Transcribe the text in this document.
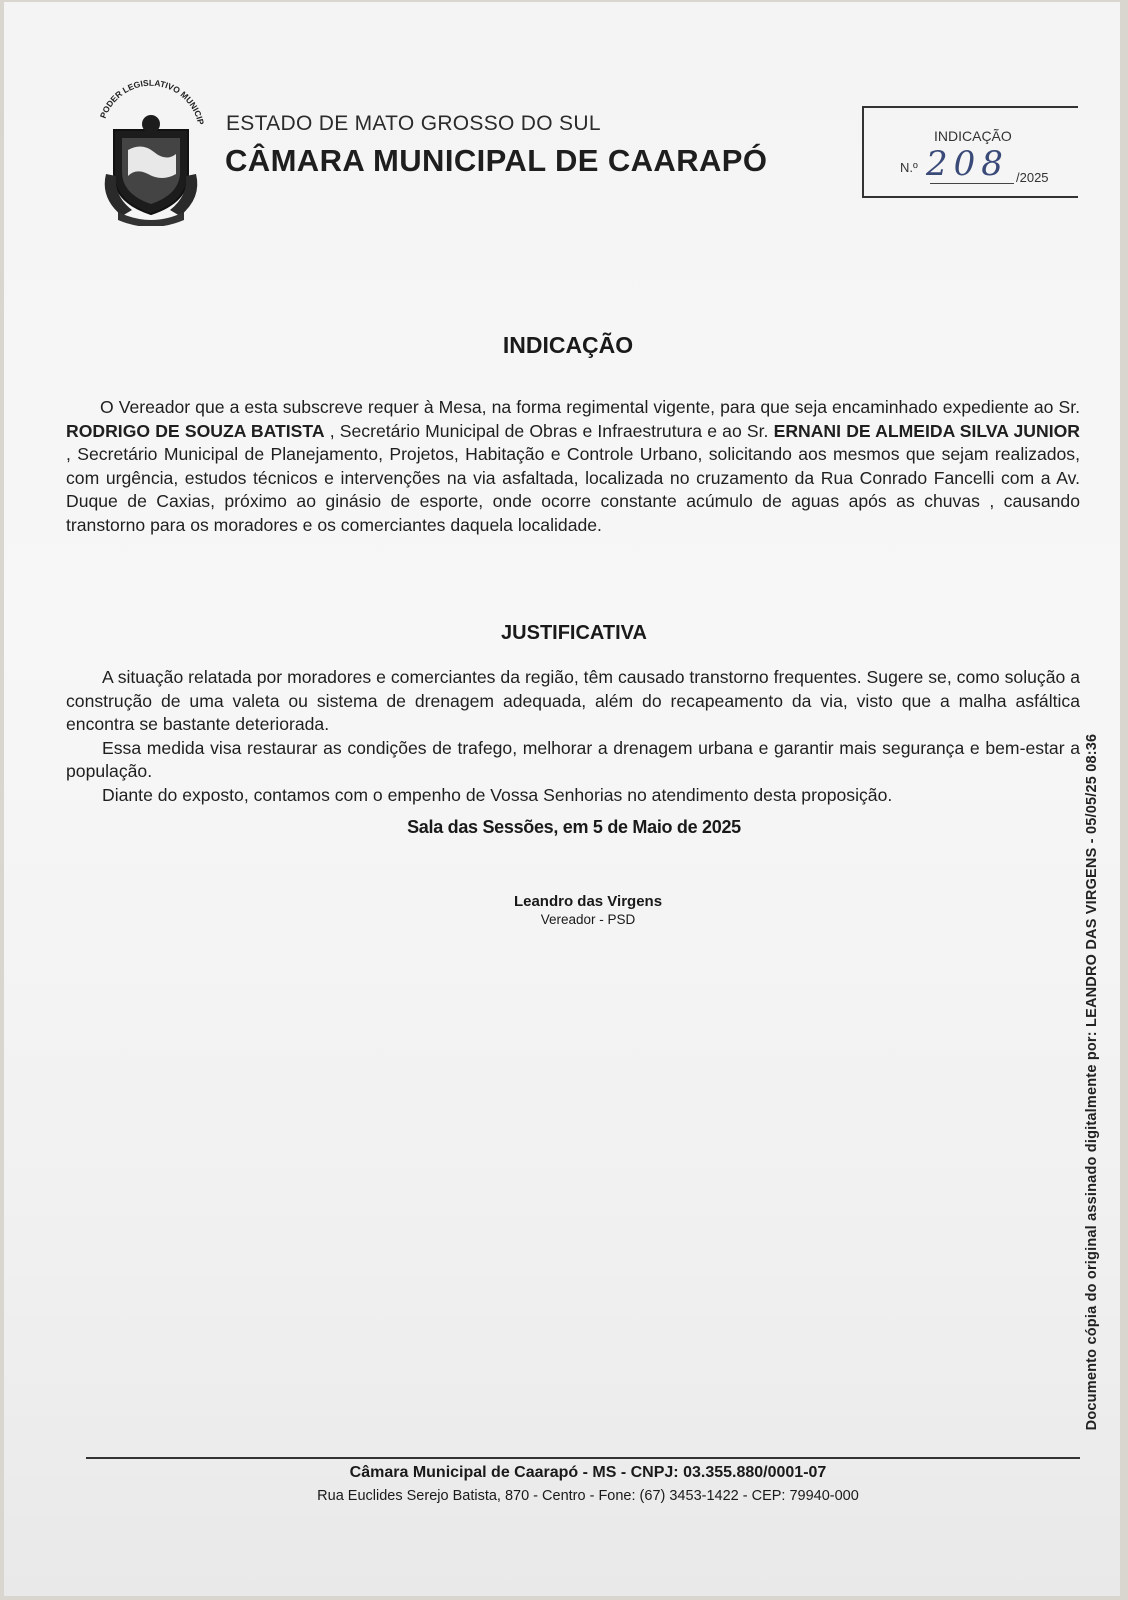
PODER LEGISLATIVO MUNICIP ESTADO DE MATO GROSSO DO SUL
CÂMARA MUNICIPAL DE CAARAPÓ
INDICAÇÃO
N.º 208 /2025
INDICAÇÃO
O Vereador que a esta subscreve requer à Mesa, na forma regimental vigente, para que seja encaminhado expediente ao Sr. RODRIGO DE SOUZA BATISTA , Secretário Municipal de Obras e Infraestrutura e ao Sr. ERNANI DE ALMEIDA SILVA JUNIOR , Secretário Municipal de Planejamento, Projetos, Habitação e Controle Urbano, solicitando aos mesmos que sejam realizados, com urgência, estudos técnicos e intervenções na via asfaltada, localizada no cruzamento da Rua Conrado Fancelli com a Av. Duque de Caxias, próximo ao ginásio de esporte, onde ocorre constante acúmulo de aguas após as chuvas , causando transtorno para os moradores e os comerciantes daquela localidade.
JUSTIFICATIVA

A situação relatada por moradores e comerciantes da região, têm causado transtorno frequentes. Sugere se, como solução a construção de uma valeta ou sistema de drenagem adequada, além do recapeamento da via, visto que a malha asfáltica encontra se bastante deteriorada.

Essa medida visa restaurar as condições de trafego, melhorar a drenagem urbana e garantir mais segurança e bem-estar a população.

Diante do exposto, contamos com o empenho de Vossa Senhorias no atendimento desta proposição.

Sala das Sessões, em 5 de Maio de 2025
Leandro das Virgens
Vereador - PSD	Documento cópia do original assinado digitalmente por: LEANDRO DAS VIRGENS - 05/05/25 08:36
Câmara Municipal de Caarapó - MS - CNPJ: 03.355.880/0001-07
Rua Euclides Serejo Batista, 870 - Centro - Fone: (67) 3453-1422 - CEP: 79940-000
